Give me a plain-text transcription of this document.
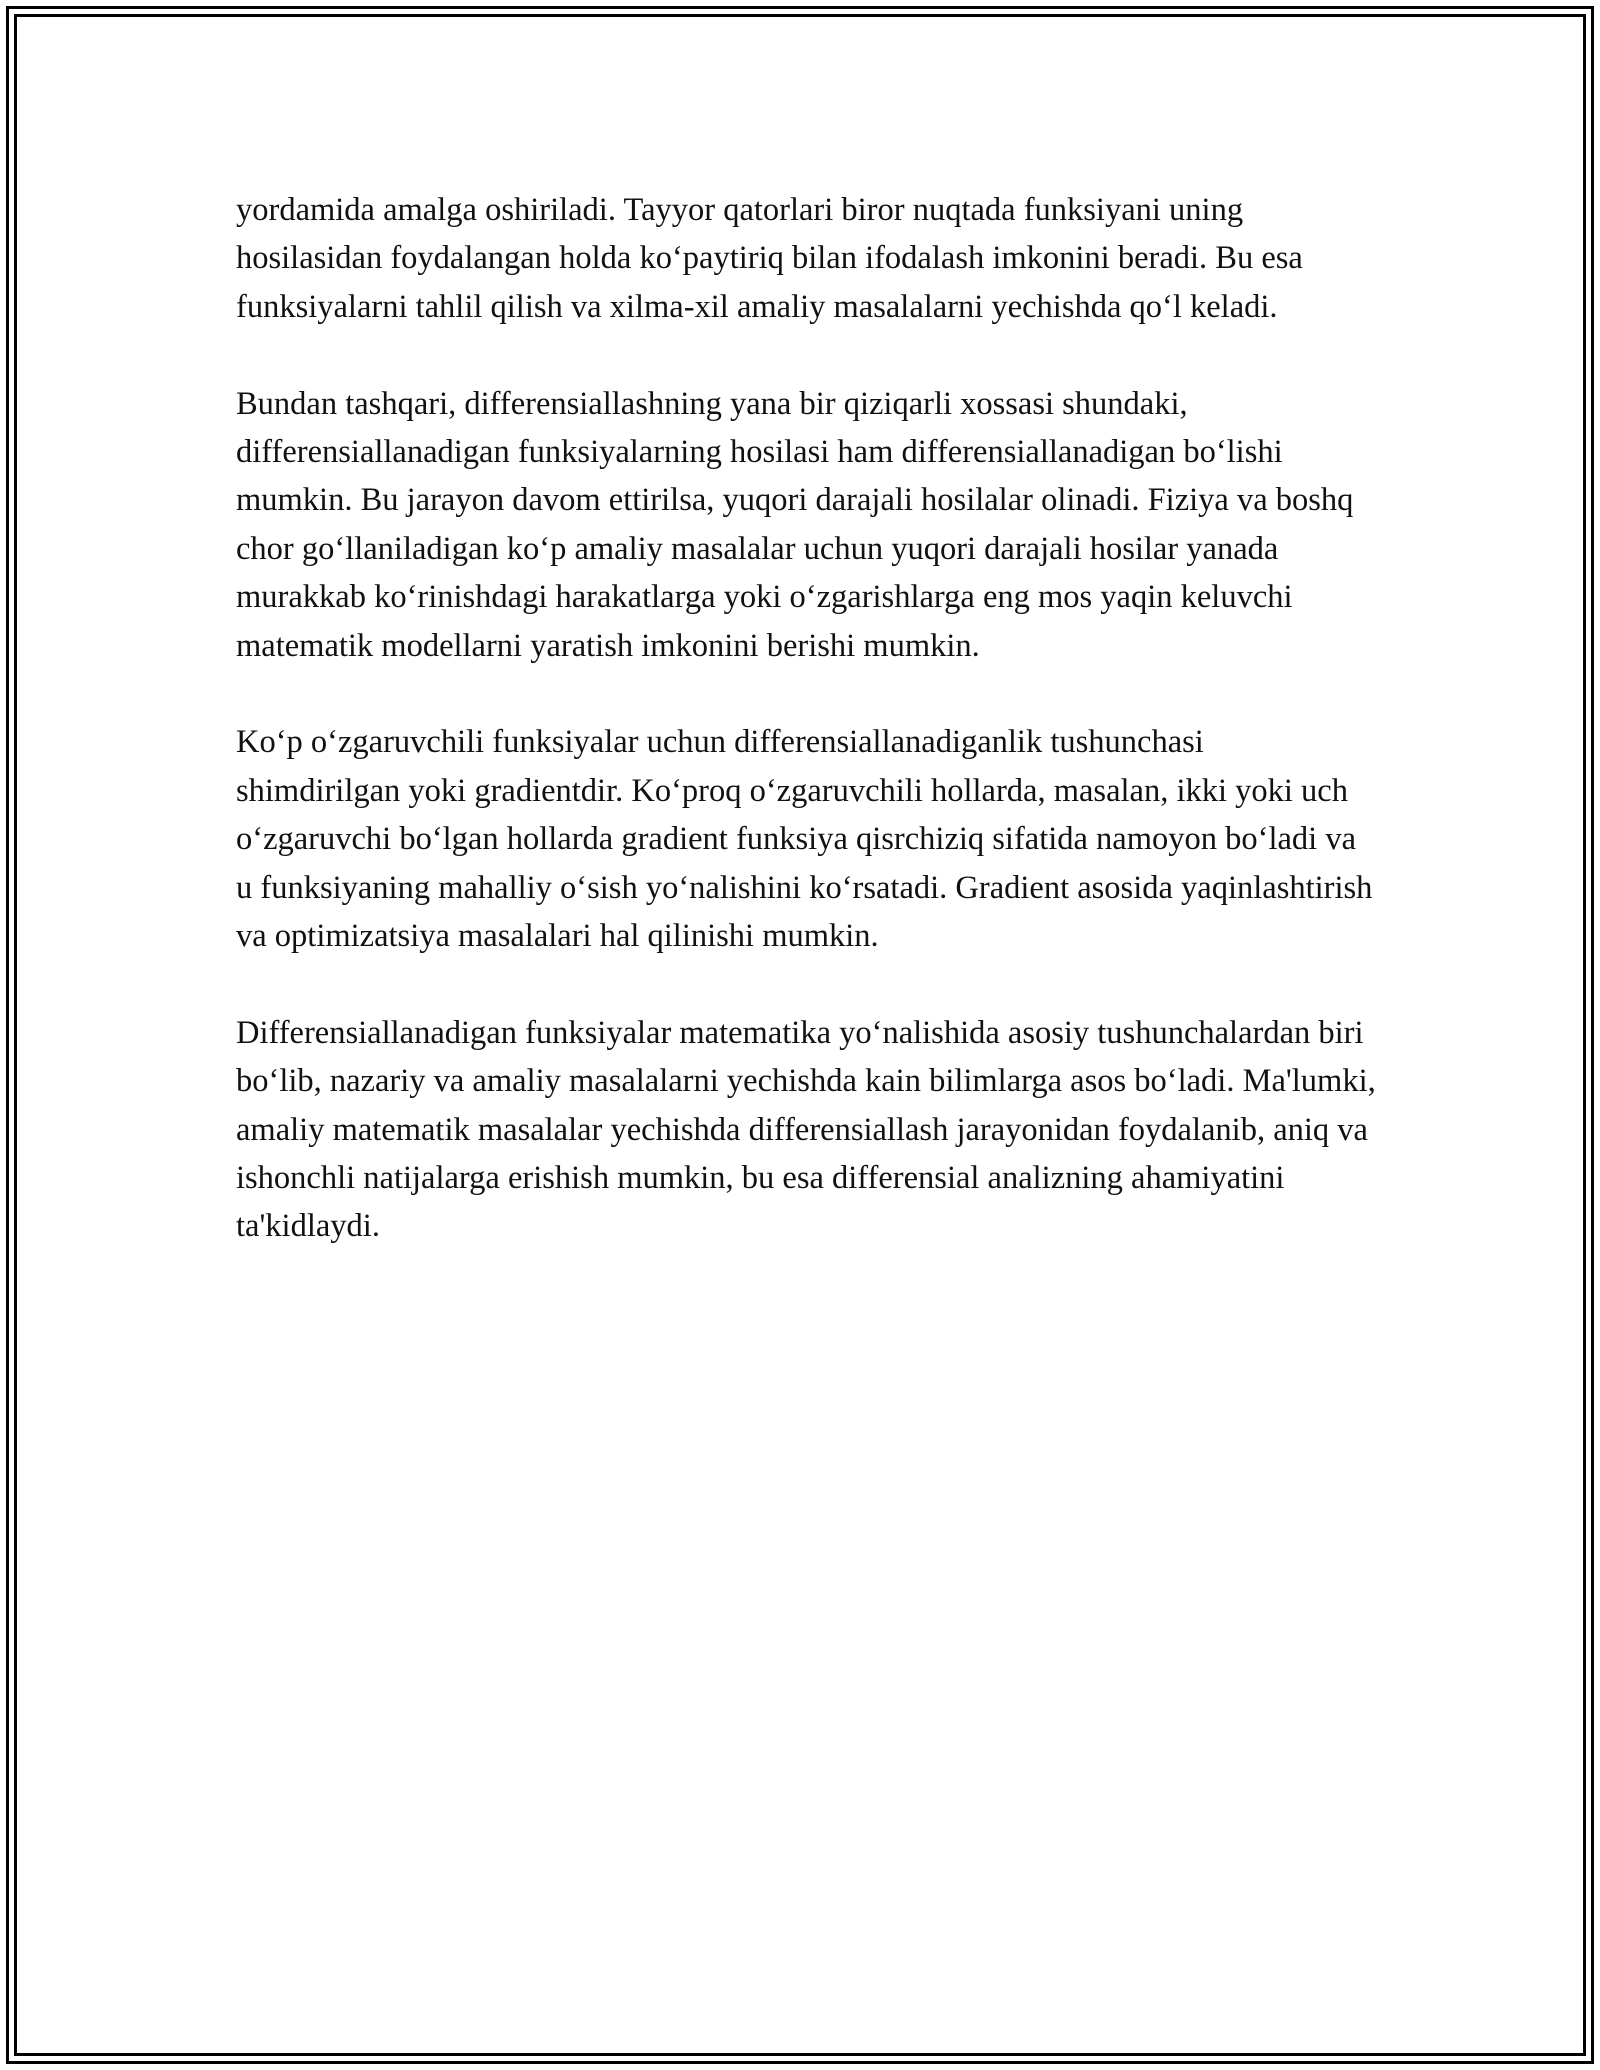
yordamida amalga oshiriladi. Tayyor qatorlari biror nuqtada funksiyani uning hosilasidan foydalangan holda koʻpaytiriq bilan ifodalash imkonini beradi. Bu esa funksiyalarni tahlil qilish va xilma-xil amaliy masalalarni yechishda qoʻl keladi.

Bundan tashqari, differensiallashning yana bir qiziqarli xossasi shundaki, differensiallanadigan funksiyalarning hosilasi ham differensiallanadigan boʻlishi mumkin. Bu jarayon davom ettirilsa, yuqori darajali hosilalar olinadi. Fiziya va boshq chor goʻllaniladigan koʻp amaliy masalalar uchun yuqori darajali hosilar yanada murakkab koʻrinishdagi harakatlarga yoki oʻzgarishlarga eng mos yaqin keluvchi matematik modellarni yaratish imkonini berishi mumkin.

Koʻp oʻzgaruvchili funksiyalar uchun differensiallanadiganlik tushunchasi shimdirilgan yoki gradientdir. Koʻproq oʻzgaruvchili hollarda, masalan, ikki yoki uch oʻzgaruvchi boʻlgan hollarda gradient funksiya qisrchiziq sifatida namoyon boʻladi va u funksiyaning mahalliy oʻsish yoʻnalishini koʻrsatadi. Gradient asosida yaqinlashtirish va optimizatsiya masalalari hal qilinishi mumkin.

Differensiallanadigan funksiyalar matematika yoʻnalishida asosiy tushunchalardan biri boʻlib, nazariy va amaliy masalalarni yechishda kain bilimlarga asos boʻladi. Ma'lumki, amaliy matematik masalalar yechishda differensiallash jarayonidan foydalanib, aniq va ishonchli natijalarga erishish mumkin, bu esa differensial analizning ahamiyatini ta'kidlaydi.
